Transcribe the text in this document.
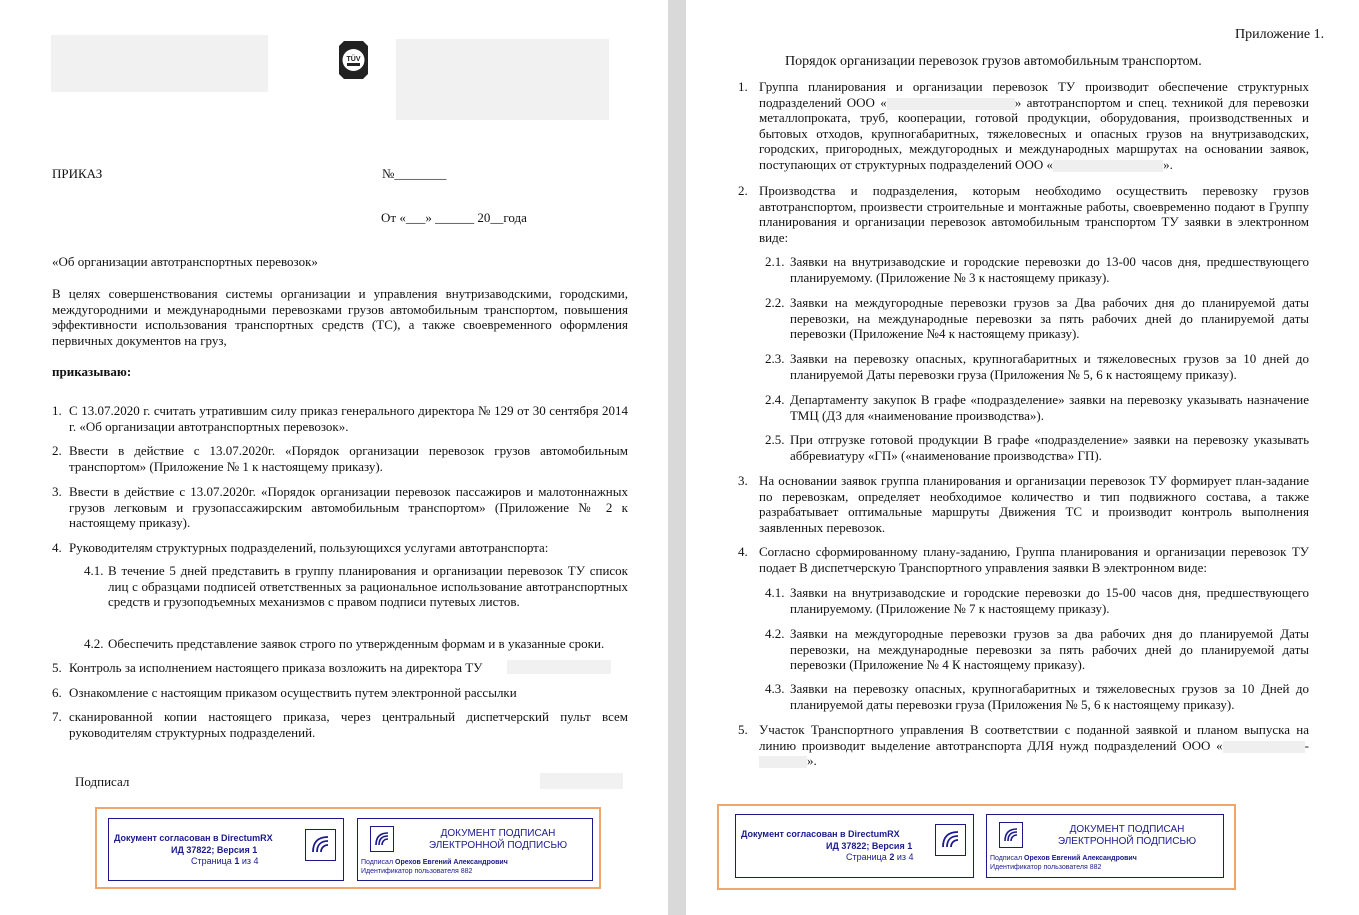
TÜV

ПРИКАЗ	№________

От «___» ______ 20__года

«Об организации автотранспортных перевозок»

В целях совершенствования системы организации и управления внутризаводскими, городскими, междугородними и международными перевозками грузов автомобильным транспортом, повышения эффективности использования транспортных средств (ТС), а также своевременного оформления первичных документов на груз,

приказываю:

1. С 13.07.2020 г. считать утратившим силу приказ генерального директора № 129 от 30 сентября 2014 г. «Об организации автотранспортных перевозок».

2. Ввести в действие с 13.07.2020г. «Порядок организации перевозок грузов автомобильным транспортом» (Приложение № 1 к настоящему приказу).

3. Ввести в действие с 13.07.2020г. «Порядок организации перевозок пассажиров и малотоннажных грузов легковым и грузопассажирским автомобильным транспортом» (Приложение № 2 к настоящему приказу).

4. Руководителям структурных подразделений, пользующихся услугами автотранспорта:

4.1. В течение 5 дней представить в группу планирования и организации перевозок ТУ список лиц с образцами подписей ответственных за рациональное использование автотранспортных средств и грузоподъемных механизмов с правом подписи путевых листов.

4.2. Обеспечить представление заявок строго по утвержденным формам и в указанные сроки.

5. Контроль за исполнением настоящего приказа возложить на директора ТУ

6. Ознакомление с настоящим приказом осуществить путем электронной рассылки

7. сканированной копии настоящего приказа, через центральный диспетчерский пульт всем руководителям структурных подразделений.

Подписал

Документ согласован в DirectumRX
ИД 37822; Версия 1
Страница 1 из 4
ДОКУМЕНТ ПОДПИСАН
ЭЛЕКТРОННОЙ ПОДПИСЬЮ
Подписал Орехов Евгений Александрович
Идентификатор пользователя 882

Приложение 1.

Порядок организации перевозок грузов автомобильным транспортом.

1. Группа планирования и организации перевозок ТУ производит обеспечение структурных подразделений ООО «	» автотранспортом и спец. техникой для перевозки металлопроката, труб, кооперации, готовой продукции, оборудования, производственных и бытовых отходов, крупногабаритных, тяжеловесных и опасных грузов на внутризаводских, городских, пригородных, междугородных и международных маршрутах на основании заявок, поступающих от структурных подразделений ООО «	».

2. Производства и подразделения, которым необходимо осуществить перевозку грузов автотранспортом, произвести строительные и монтажные работы, своевременно подают в Группу планирования и организации перевозок автомобильным транспортом ТУ заявки в электронном виде:

2.1. Заявки на внутризаводские и городские перевозки до 13-00 часов дня, предшествующего планируемому. (Приложение № 3 к настоящему приказу).

2.2. Заявки на междугородные перевозки грузов за Два рабочих дня до планируемой даты перевозки, на международные перевозки за пять рабочих дней до планируемой даты перевозки (Приложение №4 к настоящему приказу).

2.3. Заявки на перевозку опасных, крупногабаритных и тяжеловесных грузов за 10 дней до планируемой Даты перевозки груза (Приложения № 5, 6 к настоящему приказу).

2.4. Департаменту закупок В графе «подразделение» заявки на перевозку указывать назначение ТМЦ (ДЗ для «наименование производства»).

2.5. При отгрузке готовой продукции В графе «подразделение» заявки на перевозку указывать аббревиатуру «ГП» («наименование производства» ГП).

3. На основании заявок группа планирования и организации перевозок ТУ формирует план-задание по перевозкам, определяет необходимое количество и тип подвижного состава, а также разрабатывает оптимальные маршруты Движения ТС и производит контроль выполнения заявленных перевозок.

4. Согласно сформированному плану-заданию, Группа планирования и организации перевозок ТУ подает В диспетчерскую Транспортного управления заявки В электронном виде:

4.1. Заявки на внутризаводские и городские перевозки до 15-00 часов дня, предшествующего планируемому. (Приложение № 7 к настоящему приказу).

4.2. Заявки на междугородные перевозки грузов за два рабочих дня до планируемой Даты перевозки, на международные перевозки за пять рабочих дней до планируемой даты перевозки (Приложение № 4 К настоящему приказу).

4.3. Заявки на перевозку опасных, крупногабаритных и тяжеловесных грузов за 10 Дней до планируемой даты перевозки груза (Приложения № 5, 6 к настоящему приказу).

5. Участок Транспортного управления В соответствии с поданной заявкой и планом выпуска на линию производит выделение автотранспорта ДЛЯ нужд подразделений ООО «	- ».

Документ согласован в DirectumRX
ИД 37822; Версия 1
Страница 2 из 4
ДОКУМЕНТ ПОДПИСАН
ЭЛЕКТРОННОЙ ПОДПИСЬЮ
Подписал Орехов Евгений Александрович
Идентификатор пользователя 882
